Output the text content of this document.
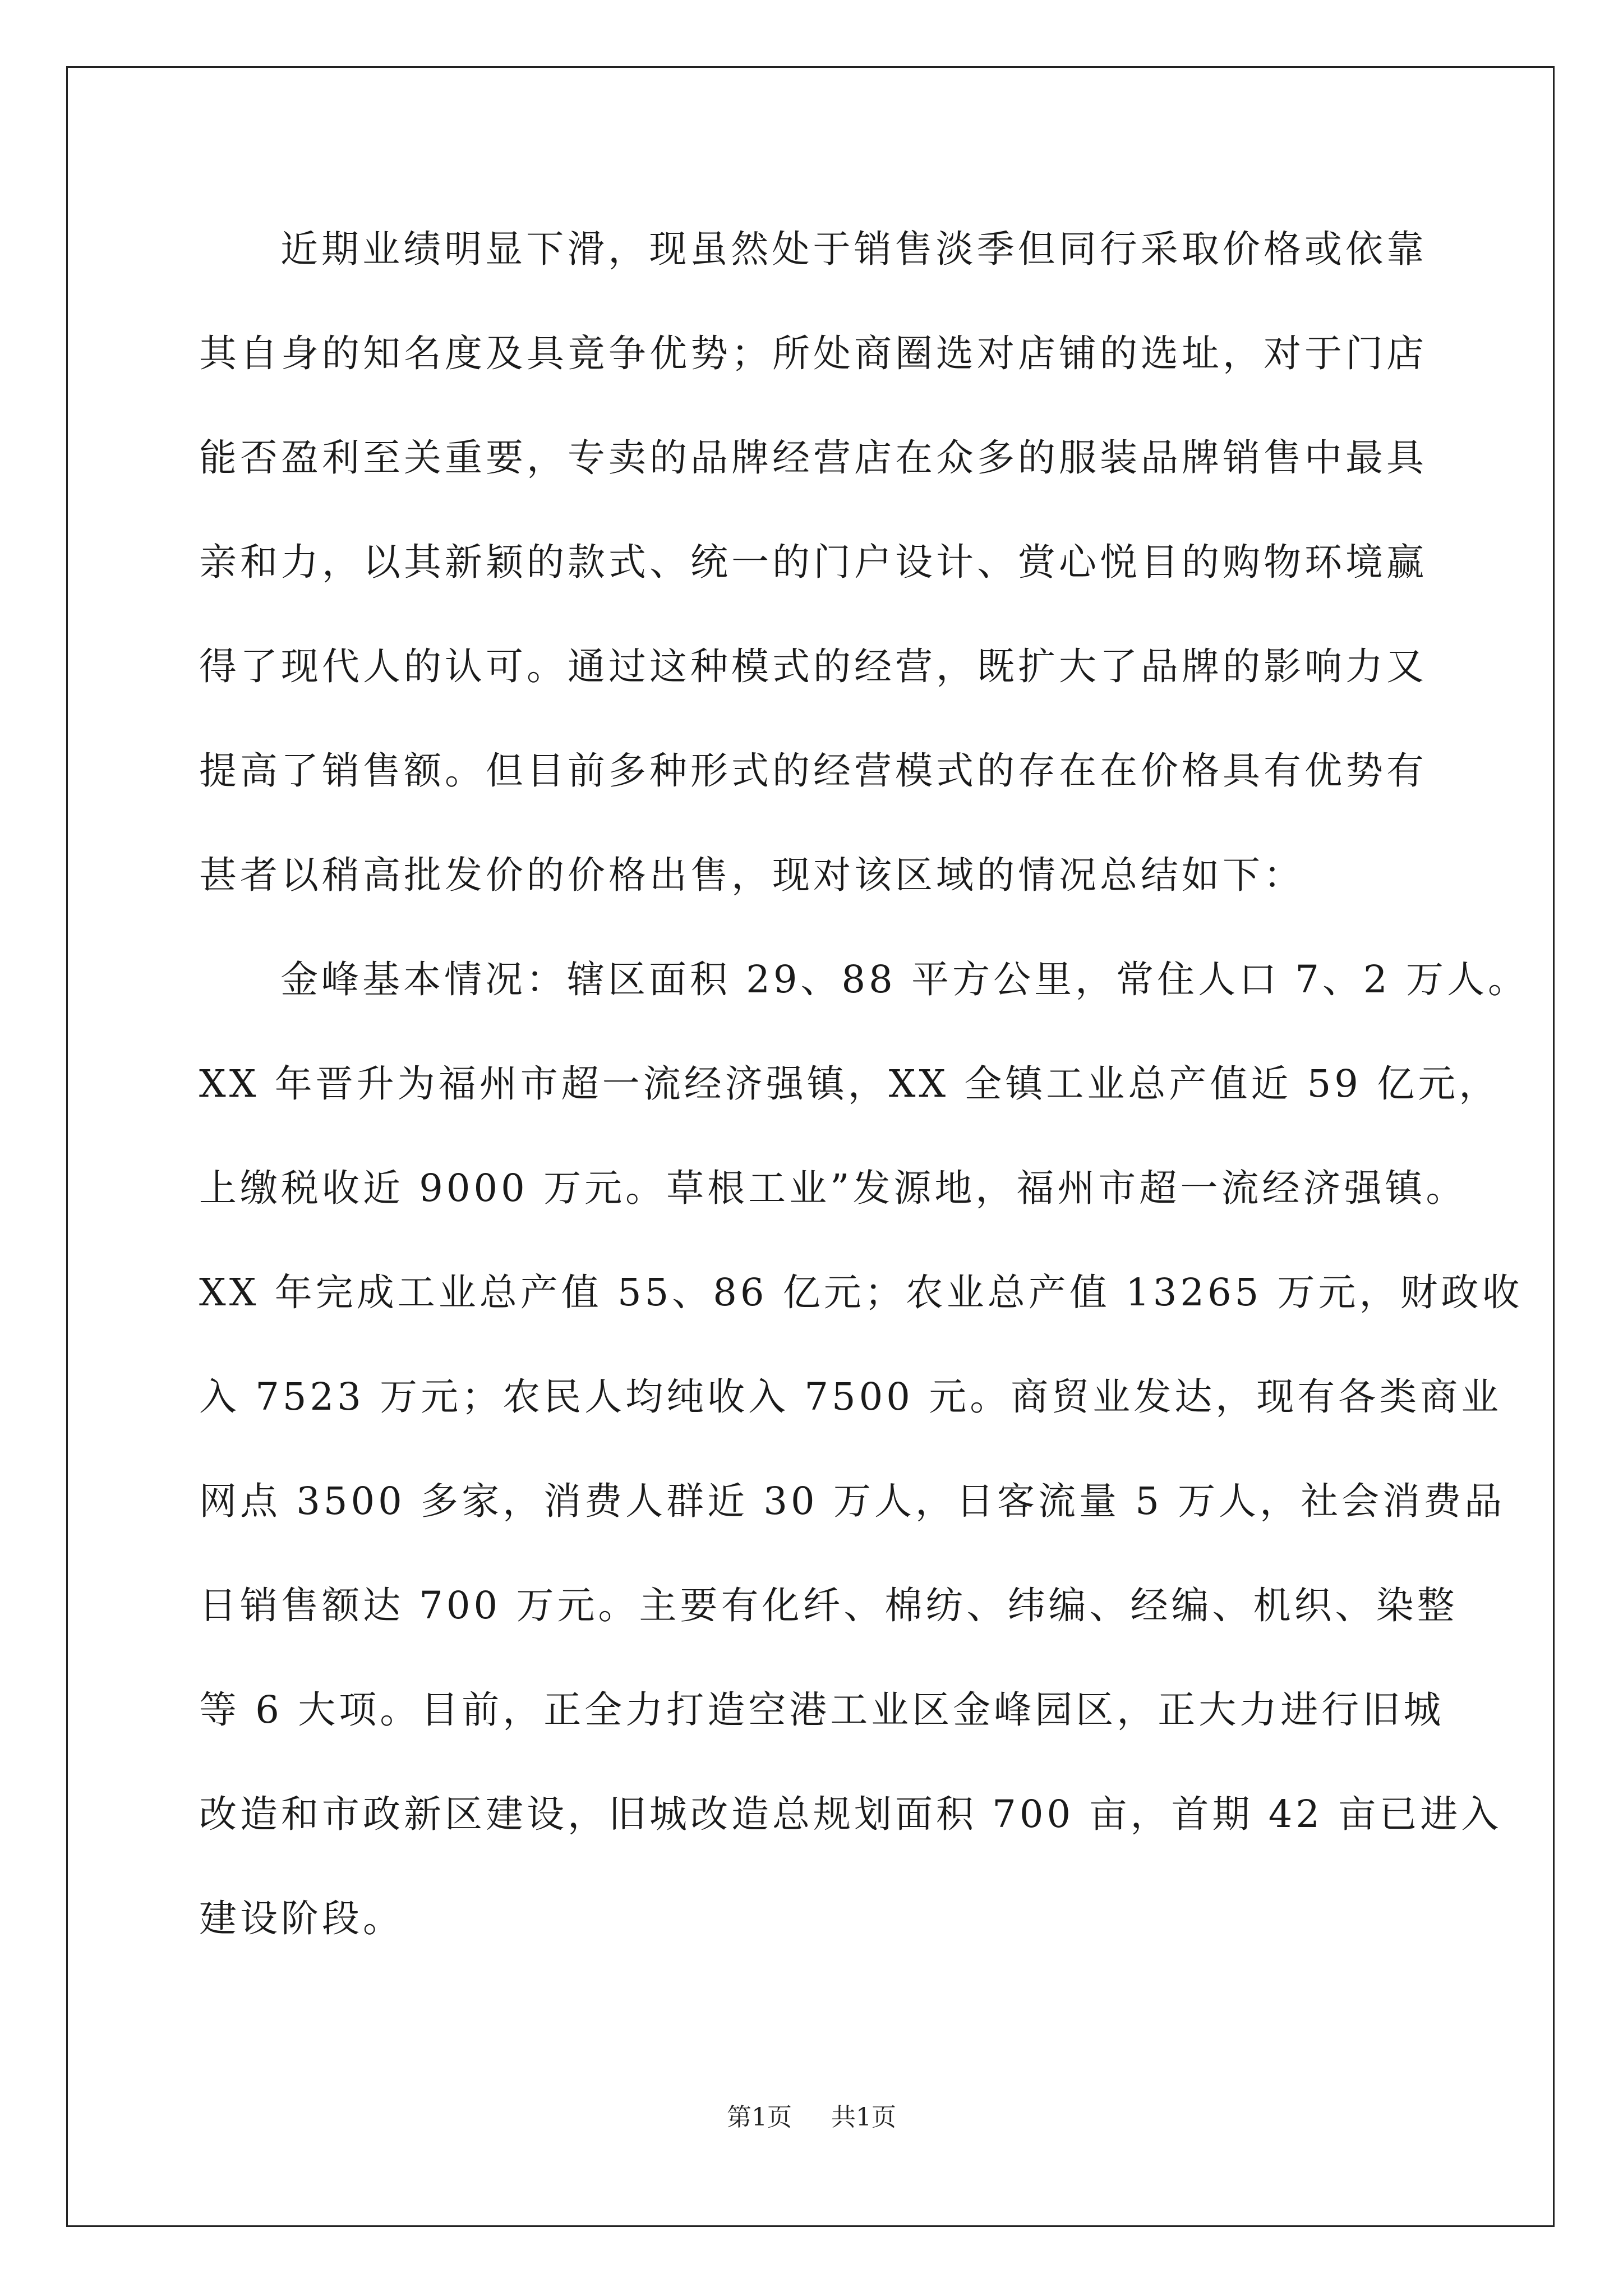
近期业绩明显下滑，现虽然处于销售淡季但同行采取价格或依靠
其自身的知名度及具竟争优势；所处商圈选对店铺的选址，对于门店
能否盈利至关重要，专卖的品牌经营店在众多的服装品牌销售中最具
亲和力，以其新颖的款式、统一的门户设计、赏心悦目的购物环境赢
得了现代人的认可。通过这种模式的经营，既扩大了品牌的影响力又
提高了销售额。但目前多种形式的经营模式的存在在价格具有优势有
甚者以稍高批发价的价格出售，现对该区域的情况总结如下：
金峰基本情况：辖区面积 29、88 平方公里，常住人口 7、2 万人。
XX 年晋升为福州市超一流经济强镇，XX 全镇工业总产值近 59 亿元，
上缴税收近 9000 万元。草根工业”发源地，福州市超一流经济强镇。
XX 年完成工业总产值 55、86 亿元；农业总产值 13265 万元，财政收
入 7523 万元；农民人均纯收入 7500 元。商贸业发达，现有各类商业
网点 3500 多家，消费人群近 30 万人，日客流量 5 万人，社会消费品
日销售额达 700 万元。主要有化纤、棉纺、纬编、经编、机织、染整
等 6 大项。目前，正全力打造空港工业区金峰园区，正大力进行旧城
改造和市政新区建设，旧城改造总规划面积 700 亩，首期 42 亩已进入
建设阶段。
第1页 共1页
